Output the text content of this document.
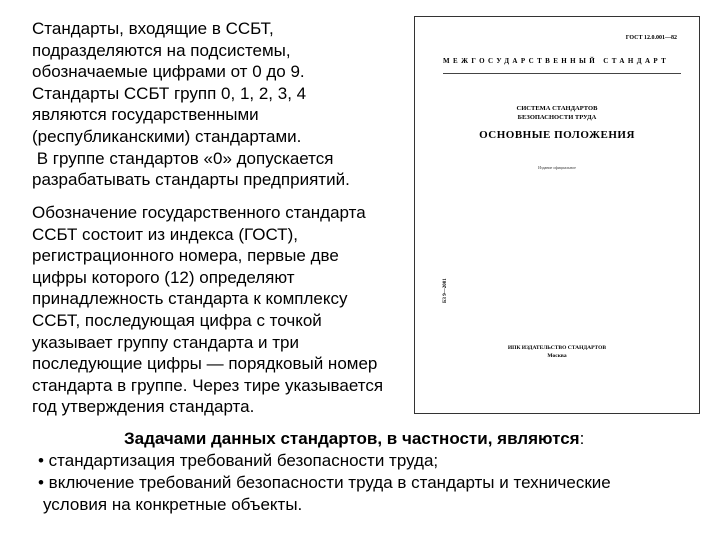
Стандарты, входящие в ССБТ,
подразделяются на подсистемы,
обозначаемые цифрами от 0 до 9.
Стандарты ССБТ групп 0, 1, 2, 3, 4
являются государственными
(республиканскими) стандартами.
В группе стандартов «0» допускается
разрабатывать стандарты предприятий.
Обозначение государственного стандарта
ССБТ состоит из индекса (ГОСТ),
регистрационного номера, первые две
цифры которого (12) определяют
принадлежность стандарта к комплексу
ССБТ, последующая цифра с точкой
указывает группу стандарта и три
последующие цифры — порядковый номер
стандарта в группе. Через тире указывается
год утверждения стандарта.
ГОСТ 12.0.001—82
МЕЖГОСУДАРСТВЕННЫЙ СТАНДАРТ
СИСТЕМА СТАНДАРТОВ
БЕЗОПАСНОСТИ ТРУДА
ОСНОВНЫЕ ПОЛОЖЕНИЯ
Издание официальное
БЗ 9—2001
ИПК ИЗДАТЕЛЬСТВО СТАНДАРТОВ
Москва
Задачами данных стандартов, в частности, являются:
• стандартизация требований безопасности труда;
• включение требований безопасности труда в стандарты и технические
условия на конкретные объекты.
